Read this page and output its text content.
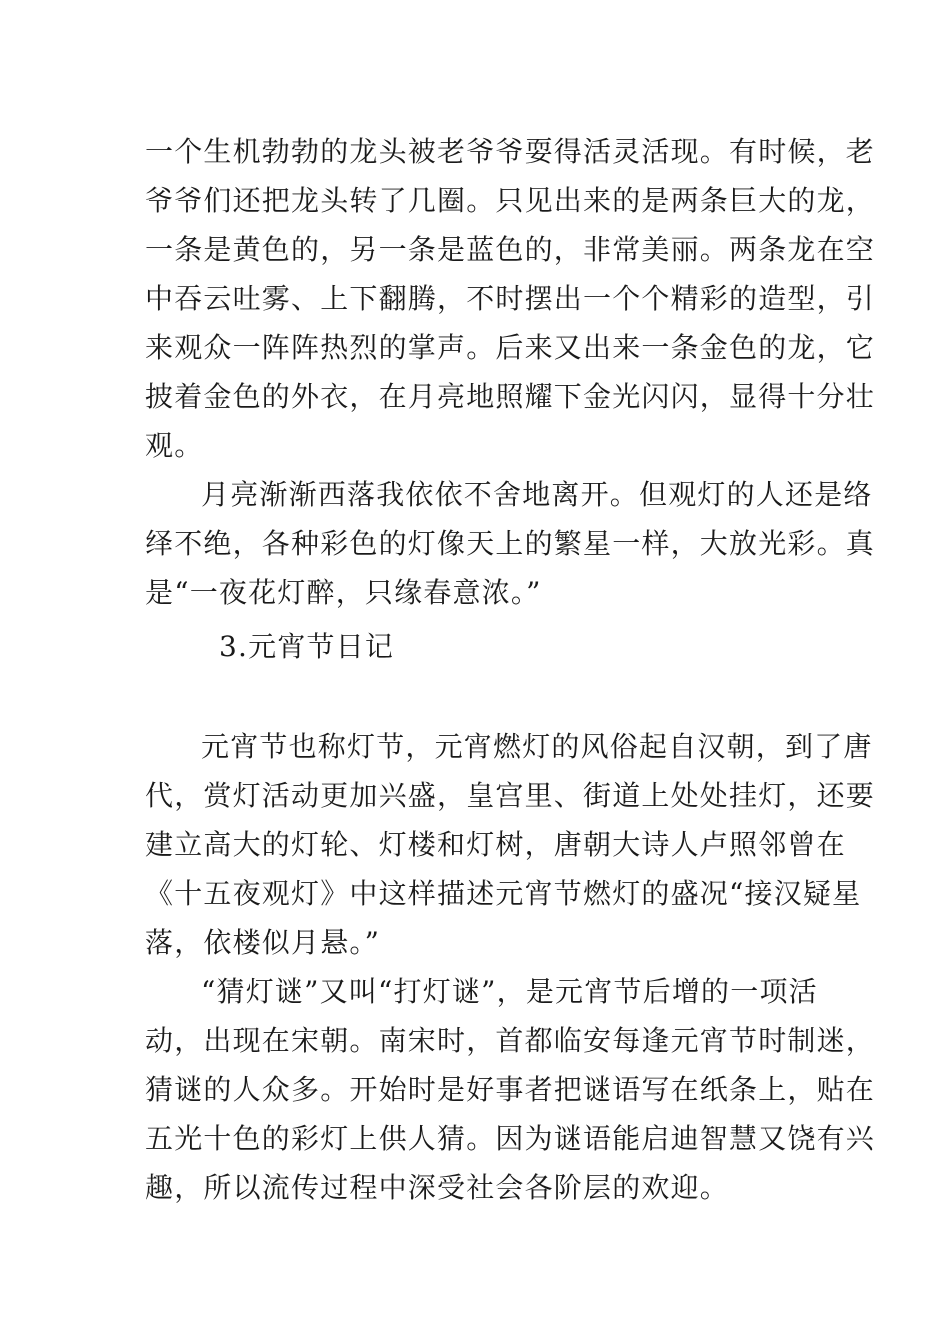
一个生机勃勃的龙头被老爷爷耍得活灵活现。有时候，老
爷爷们还把龙头转了几圈。只见出来的是两条巨大的龙，
一条是黄色的，另一条是蓝色的，非常美丽。两条龙在空
中吞云吐雾、上下翻腾，不时摆出一个个精彩的造型，引
来观众一阵阵热烈的掌声。后来又出来一条金色的龙，它
披着金色的外衣，在月亮地照耀下金光闪闪，显得十分壮
观。
月亮渐渐西落我依依不舍地离开。但观灯的人还是络
绎不绝，各种彩色的灯像天上的繁星一样，大放光彩。真
是“一夜花灯醉，只缘春意浓。”
3.元宵节日记
元宵节也称灯节，元宵燃灯的风俗起自汉朝，到了唐
代，赏灯活动更加兴盛，皇宫里、街道上处处挂灯，还要
建立高大的灯轮、灯楼和灯树，唐朝大诗人卢照邻曾在
《十五夜观灯》中这样描述元宵节燃灯的盛况“接汉疑星
落，依楼似月悬。”
“猜灯谜”又叫“打灯谜”，是元宵节后增的一项活
动，出现在宋朝。南宋时，首都临安每逢元宵节时制迷，
猜谜的人众多。开始时是好事者把谜语写在纸条上，贴在
五光十色的彩灯上供人猜。因为谜语能启迪智慧又饶有兴
趣，所以流传过程中深受社会各阶层的欢迎。
